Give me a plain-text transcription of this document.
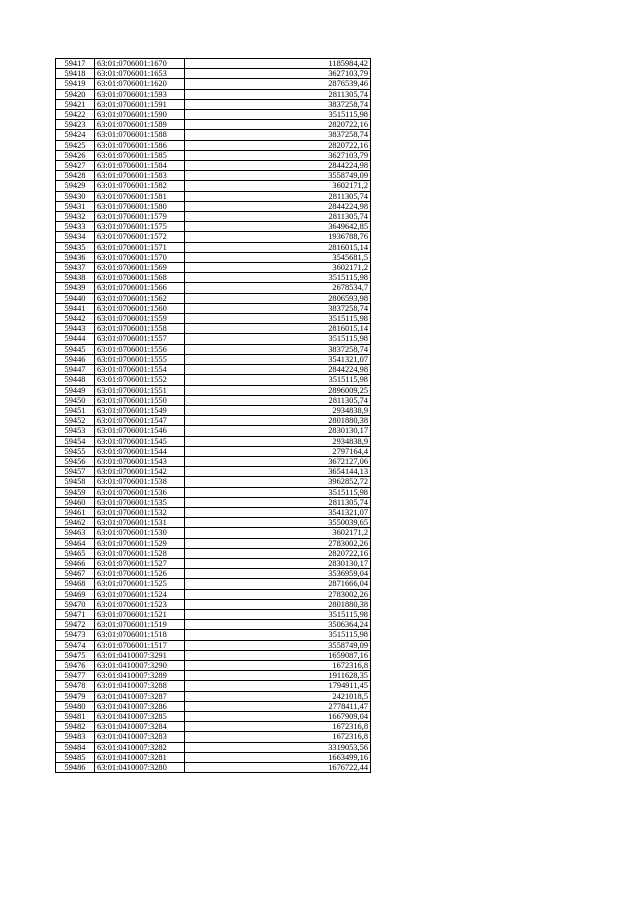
59417	63:01:0706001:1670	1185984,42
59418	63:01:0706001:1653	3627103,79
59419	63:01:0706001:1620	2876539,46
59420	63:01:0706001:1593	2811305,74
59421	63:01:0706001:1591	3837258,74
59422	63:01:0706001:1590	3515115,98
59423	63:01:0706001:1589	2820722,16
59424	63:01:0706001:1588	3837258,74
59425	63:01:0706001:1586	2820722,16
59426	63:01:0706001:1585	3627103,79
59427	63:01:0706001:1584	2844224,98
59428	63:01:0706001:1583	3558749,09
59429	63:01:0706001:1582	3602171,2
59430	63:01:0706001:1581	2811305,74
59431	63:01:0706001:1580	2844224,98
59432	63:01:0706001:1579	2811305,74
59433	63:01:0706001:1575	3649642,85
59434	63:01:0706001:1572	1936788,76
59435	63:01:0706001:1571	2816015,14
59436	63:01:0706001:1570	3545681,5
59437	63:01:0706001:1569	3602171,2
59438	63:01:0706001:1568	3515115,98
59439	63:01:0706001:1566	2678534,7
59440	63:01:0706001:1562	2806593,98
59441	63:01:0706001:1560	3837258,74
59442	63:01:0706001:1559	3515115,98
59443	63:01:0706001:1558	2816015,14
59444	63:01:0706001:1557	3515115,98
59445	63:01:0706001:1556	3837258,74
59446	63:01:0706001:1555	3541321,07
59447	63:01:0706001:1554	2844224,98
59448	63:01:0706001:1552	3515115,98
59449	63:01:0706001:1551	2896009,25
59450	63:01:0706001:1550	2811305,74
59451	63:01:0706001:1549	2934838,9
59452	63:01:0706001:1547	2801880,38
59453	63:01:0706001:1546	2830130,17
59454	63:01:0706001:1545	2934838,9
59455	63:01:0706001:1544	2797164,4
59456	63:01:0706001:1543	3672127,06
59457	63:01:0706001:1542	3654144,13
59458	63:01:0706001:1538	3962852,72
59459	63:01:0706001:1536	3515115,98
59460	63:01:0706001:1535	2811305,74
59461	63:01:0706001:1532	3541321,07
59462	63:01:0706001:1531	3550039,65
59463	63:01:0706001:1530	3602171,2
59464	63:01:0706001:1529	2783002,26
59465	63:01:0706001:1528	2820722,16
59466	63:01:0706001:1527	2830130,17
59467	63:01:0706001:1526	3536959,04
59468	63:01:0706001:1525	2871666,04
59469	63:01:0706001:1524	2783002,26
59470	63:01:0706001:1523	2801880,38
59471	63:01:0706001:1521	3515115,98
59472	63:01:0706001:1519	3506364,24
59473	63:01:0706001:1518	3515115,98
59474	63:01:0706001:1517	3558749,09
59475	63:01:0410007:3291	1659087,16
59476	63:01:0410007:3290	1672316,8
59477	63:01:0410007:3289	1911628,35
59478	63:01:0410007:3288	1794911,45
59479	63:01:0410007:3287	2421018,5
59480	63:01:0410007:3286	2778411,47
59481	63:01:0410007:3285	1667909,04
59482	63:01:0410007:3284	1672316,8
59483	63:01:0410007:3283	1672316,8
59484	63:01:0410007:3282	3319053,56
59485	63:01:0410007:3281	1663499,16
59486	63:01:0410007:3280	1676722,44
